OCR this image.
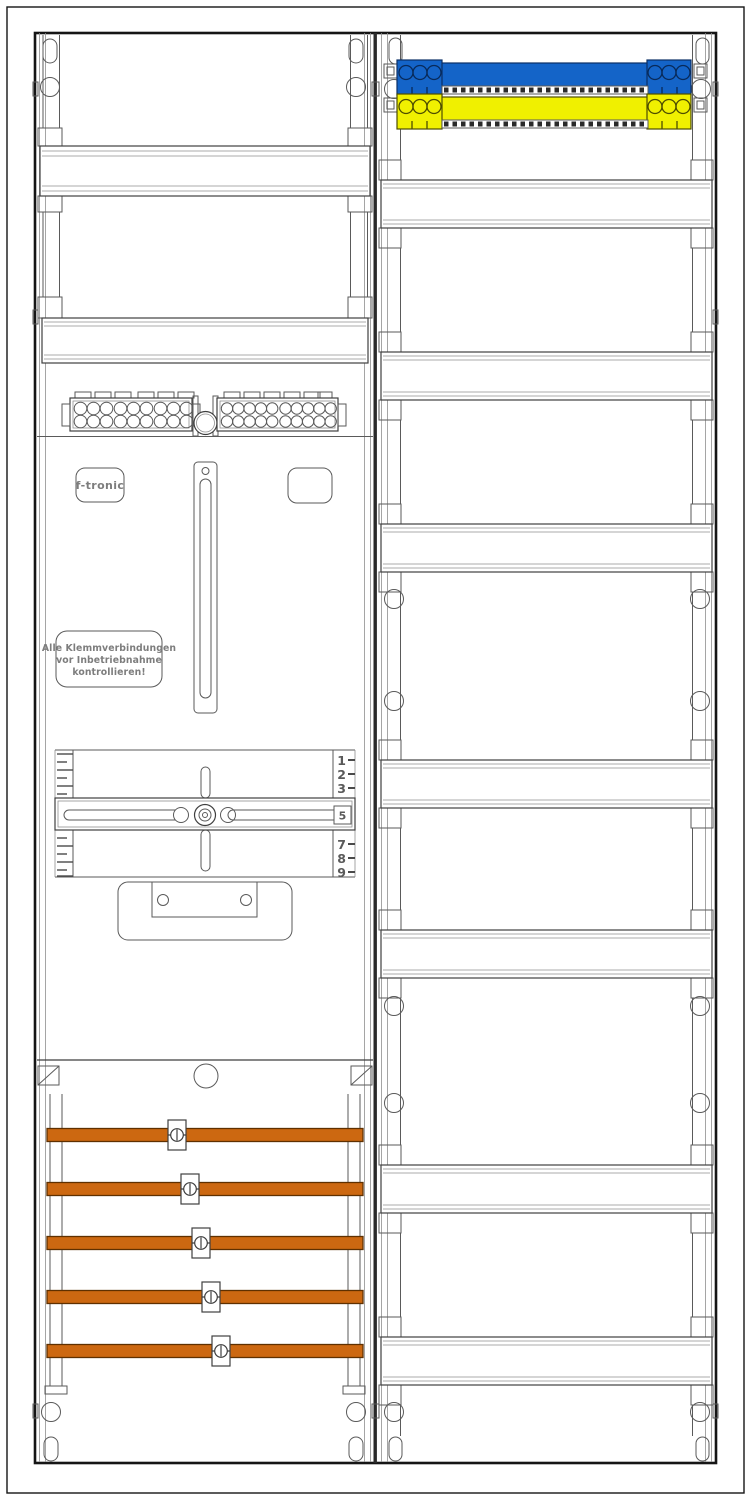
f-tronic
Alle Klemmverbindungen
vor Inbetriebnahme
kontrollieren!
1
2
3
7
8
9
5
